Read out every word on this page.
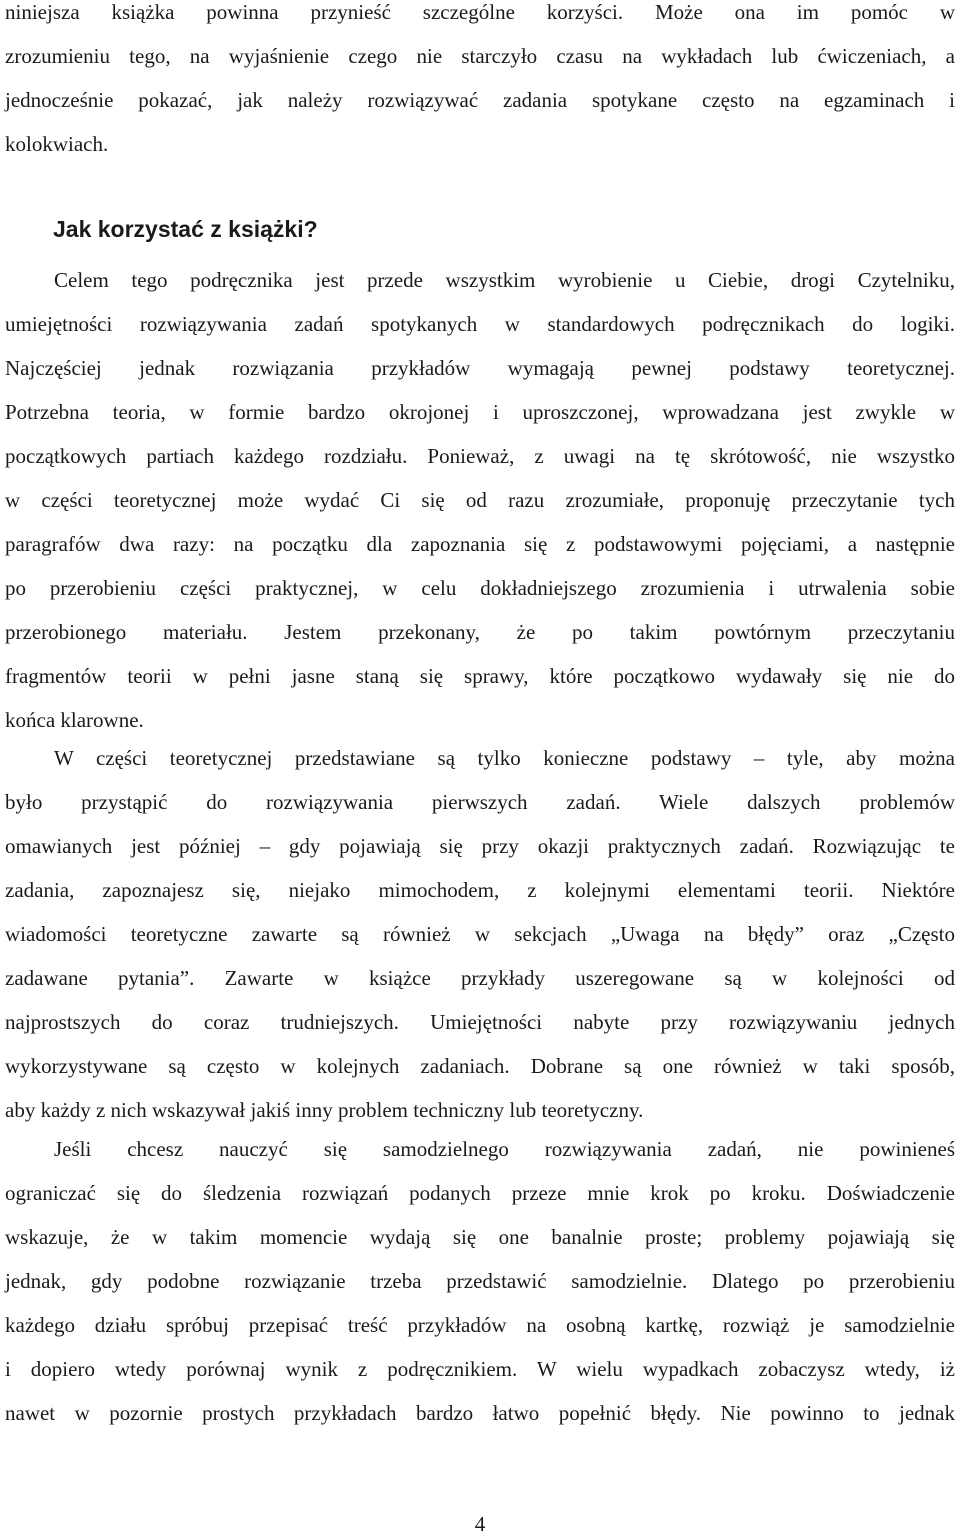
niniejsza książka powinna przynieść szczególne korzyści. Może ona im pomóc w
zrozumieniu tego, na wyjaśnienie czego nie starczyło czasu na wykładach lub ćwiczeniach, a
jednocześnie pokazać, jak należy rozwiązywać zadania spotykane często na egzaminach i
kolokwiach.
Jak korzystać z książki?
Celem tego podręcznika jest przede wszystkim wyrobienie u Ciebie, drogi Czytelniku,
umiejętności rozwiązywania zadań spotykanych w standardowych podręcznikach do logiki.
Najczęściej jednak rozwiązania przykładów wymagają pewnej podstawy teoretycznej.
Potrzebna teoria, w formie bardzo okrojonej i uproszczonej, wprowadzana jest zwykle w
początkowych partiach każdego rozdziału. Ponieważ, z uwagi na tę skrótowość, nie wszystko
w części teoretycznej może wydać Ci się od razu zrozumiałe, proponuję przeczytanie tych
paragrafów dwa razy: na początku dla zapoznania się z podstawowymi pojęciami, a następnie
po przerobieniu części praktycznej, w celu dokładniejszego zrozumienia i utrwalenia sobie
przerobionego materiału. Jestem przekonany, że po takim powtórnym przeczytaniu
fragmentów teorii w pełni jasne staną się sprawy, które początkowo wydawały się nie do
końca klarowne.
W części teoretycznej przedstawiane są tylko konieczne podstawy – tyle, aby można
było przystąpić do rozwiązywania pierwszych zadań. Wiele dalszych problemów
omawianych jest później – gdy pojawiają się przy okazji praktycznych zadań. Rozwiązując te
zadania, zapoznajesz się, niejako mimochodem, z kolejnymi elementami teorii. Niektóre
wiadomości teoretyczne zawarte są również w sekcjach „Uwaga na błędy” oraz „Często
zadawane pytania”. Zawarte w książce przykłady uszeregowane są w kolejności od
najprostszych do coraz trudniejszych. Umiejętności nabyte przy rozwiązywaniu jednych
wykorzystywane są często w kolejnych zadaniach. Dobrane są one również w taki sposób,
aby każdy z nich wskazywał jakiś inny problem techniczny lub teoretyczny.
Jeśli chcesz nauczyć się samodzielnego rozwiązywania zadań, nie powinieneś
ograniczać się do śledzenia rozwiązań podanych przeze mnie krok po kroku. Doświadczenie
wskazuje, że w takim momencie wydają się one banalnie proste; problemy pojawiają się
jednak, gdy podobne rozwiązanie trzeba przedstawić samodzielnie. Dlatego po przerobieniu
każdego działu spróbuj przepisać treść przykładów na osobną kartkę, rozwiąż je samodzielnie
i dopiero wtedy porównaj wynik z podręcznikiem. W wielu wypadkach zobaczysz wtedy, iż
nawet w pozornie prostych przykładach bardzo łatwo popełnić błędy. Nie powinno to jednak
4
